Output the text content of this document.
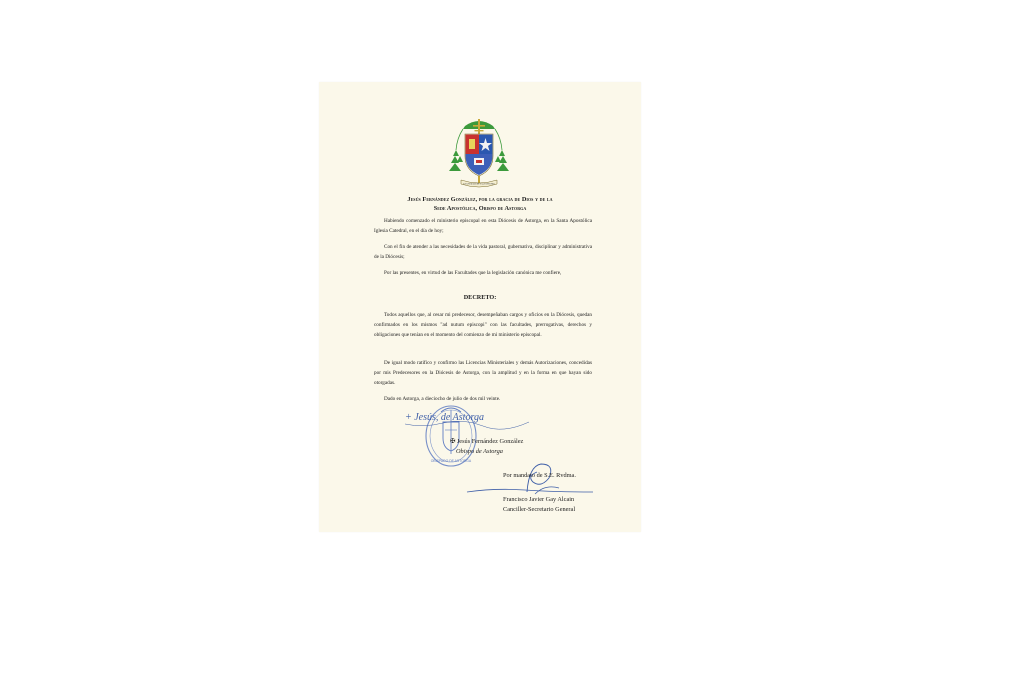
EVANGELIUM SALVATIONIS
Jesús Fernández González, por la gracia de Dios y de la
Sede Apostólica, Obispo de Astorga
Habiendo comenzado el ministerio episcopal en esta Diócesis de Astorga, en la Santa Apostólica Iglesia Catedral, en el día de hoy;
Con el fin de atender a las necesidades de la vida pastoral, gubernativa, disciplinar y administrativa de la Diócesis;
Por las presentes, en virtud de las Facultades que la legislación canónica me confiere,
DECRETO:
Todos aquellos que, al cesar mi predecesor, desempeñaban cargos y oficios en la Diócesis, quedan confirmados en los mismos "ad nutum episcopi" con las facultades, prerrogativas, derechos y obligaciones que tenían en el momento del comienzo de mi ministerio episcopal.
De igual modo ratifico y confirmo las Licencias Ministeriales y demás Autorizaciones, concedidas por mis Predecesores en la Diócesis de Astorga, con la amplitud y en la forma en que hayan sido otorgadas.
Dado en Astorga, a dieciocho de julio de dos mil veinte.
OBISPADO DE ASTORGA
+ Jesús, de Astorga
✠ Jesús Fernández González
Obispo de Astorga
Por mandato de S.E. Rvdma.
Francisco Javier Gay Alcain
Canciller-Secretario General
